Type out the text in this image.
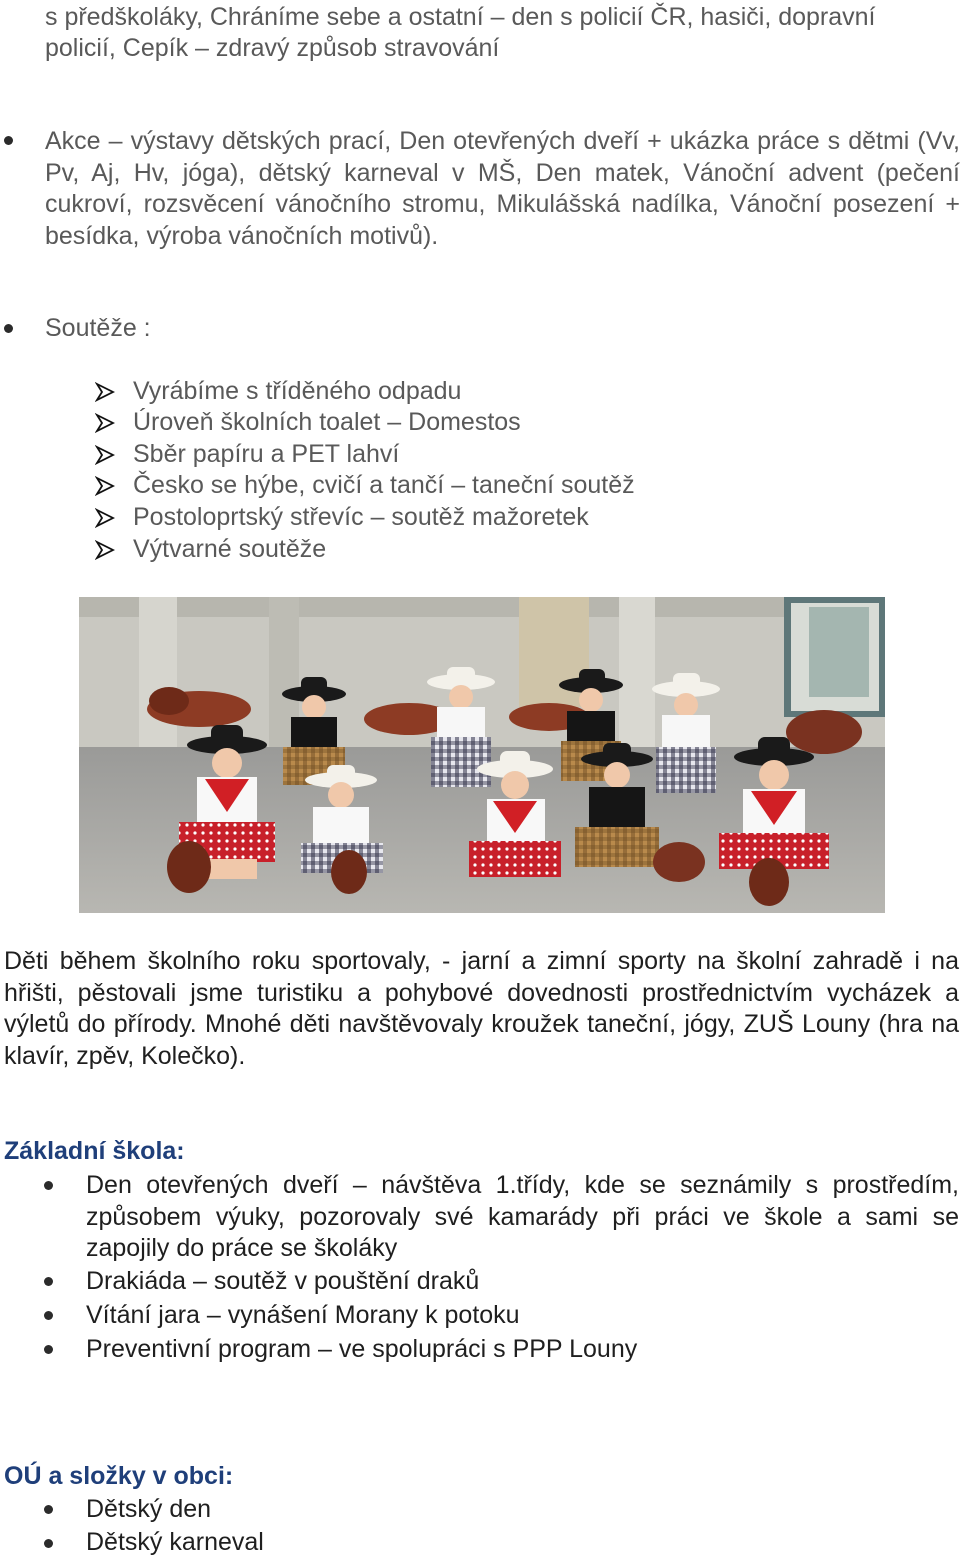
s předškoláky, Chráníme sebe a ostatní – den s policií ČR, hasiči, dopravní
policií, Cepík – zdravý způsob stravování

Akce – výstavy dětských prací, Den otevřených dveří + ukázka práce s dětmi (Vv, Pv, Aj, Hv, jóga), dětský karneval v MŠ, Den matek, Vánoční advent (pečení cukroví, rozsvěcení vánočního stromu, Mikulášská nadílka, Vánoční posezení + besídka, výroba vánočních motivů).

Soutěže :
Vyrábíme s tříděného odpadu
Úroveň školních toalet – Domestos
Sběr papíru a PET lahví
Česko se hýbe, cvičí a tančí – taneční soutěž
Postoloprtský střevíc – soutěž mažoretek
Výtvarné soutěže

Děti během školního roku sportovaly, - jarní a zimní sporty na školní zahradě i na hřišti, pěstovali jsme turistiku a pohybové dovednosti prostřednictvím vycházek a výletů do přírody. Mnohé děti navštěvovaly kroužek taneční, jógy, ZUŠ Louny (hra na klavír, zpěv, Kolečko).

Základní škola:

Den otevřených dveří – návštěva 1.třídy, kde se seznámily s prostředím, způsobem výuky, pozorovaly své kamarády při práci ve škole a sami se zapojily do práce se školáky

Drakiáda – soutěž v pouštění draků
Vítání jara – vynášení Morany k potoku
Preventivní program – ve spolupráci s PPP Louny
OÚ a složky v obci:
Dětský den
Dětský karneval
